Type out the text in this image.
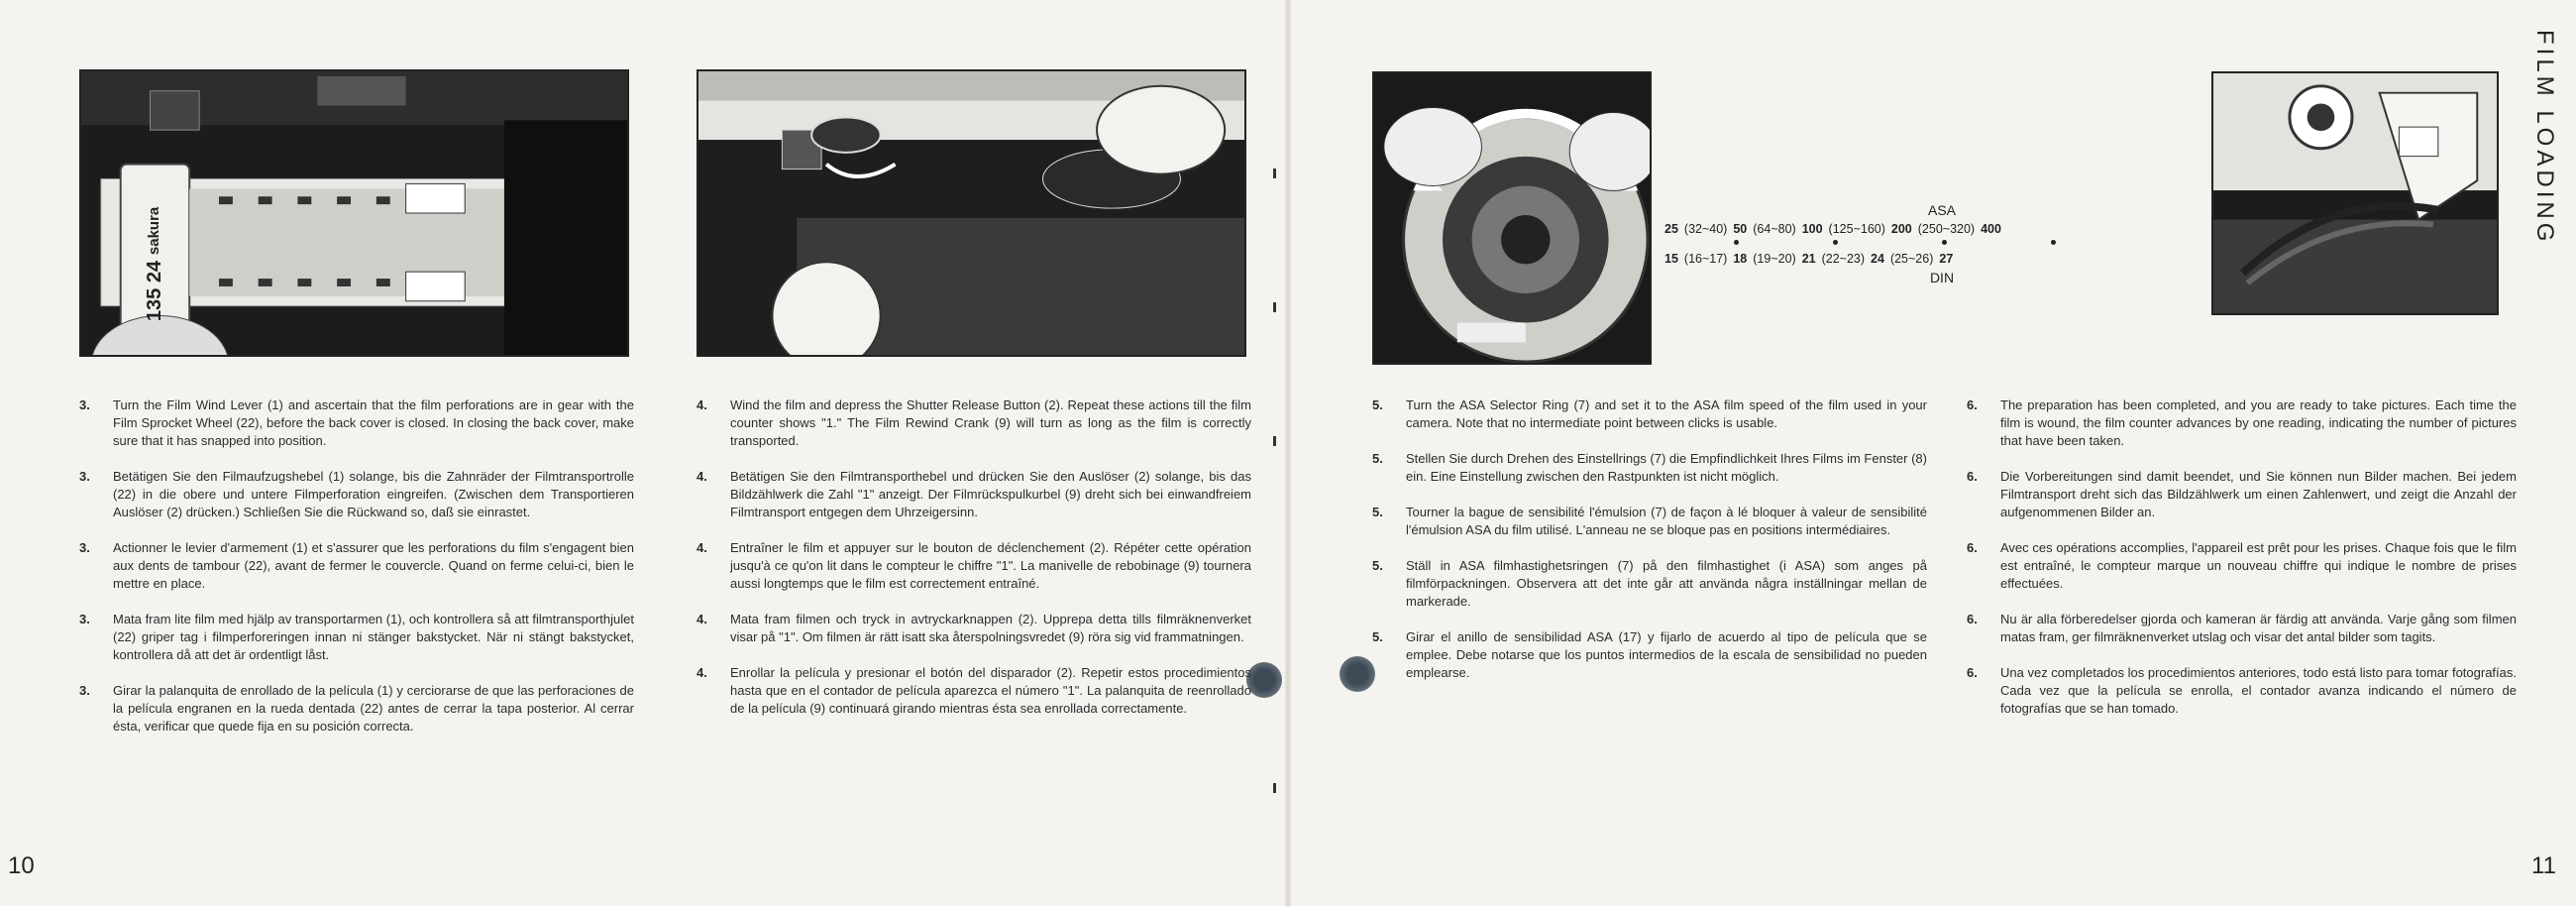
FILM LOADING
10	11
135 24 sakura	ASA
25 (32~40) 50 (64~80) 100 (125~160) 200 (250~320) 400
15 (16~17) 18 (19~20) 21 (22~23) 24 (25~26) 27
DIN
3.	Turn the Film Wind Lever (1) and ascertain that the film perforations are in gear with the Film Sprocket Wheel (22), before the back cover is closed. In closing the back cover, make sure that it has snapped into position.
3.	Betätigen Sie den Filmaufzugshebel (1) solange, bis die Zahnräder der Filmtransportrolle (22) in die obere und untere Filmperforation eingreifen. (Zwischen dem Transportieren Auslöser (2) drücken.) Schließen Sie die Rückwand so, daß sie einrastet.
3.	Actionner le levier d'armement (1) et s'assurer que les perforations du film s'engagent bien aux dents de tambour (22), avant de fermer le couvercle. Quand on ferme celui-ci, bien le mettre en place.
3.	Mata fram lite film med hjälp av transportarmen (1), och kontrollera så att filmtransporthjulet (22) griper tag i filmperforeringen innan ni stänger bakstycket. När ni stängt bakstycket, kontrollera då att det är ordentligt låst.
3.	Girar la palanquita de enrollado de la película (1) y cerciorarse de que las perforaciones de la película engranen en la rueda dentada (22) antes de cerrar la tapa posterior. Al cerrar ésta, verificar que quede fija en su posición correcta.
4.	Wind the film and depress the Shutter Release Button (2). Repeat these actions till the film counter shows "1." The Film Rewind Crank (9) will turn as long as the film is correctly transported.
4.	Betätigen Sie den Filmtransporthebel und drücken Sie den Auslöser (2) solange, bis das Bildzählwerk die Zahl "1" anzeigt. Der Filmrückspulkurbel (9) dreht sich bei einwandfreiem Filmtransport entgegen dem Uhrzeigersinn.
4.	Entraîner le film et appuyer sur le bouton de déclenchement (2). Répéter cette opération jusqu'à ce qu'on lit dans le compteur le chiffre "1". La manivelle de rebobinage (9) tournera aussi longtemps que le film est correctement entraîné.
4.	Mata fram filmen och tryck in avtryckarknappen (2). Upprepa detta tills filmräknenverket visar på "1". Om filmen är rätt isatt ska återspolningsvredet (9) röra sig vid frammatningen.
4.	Enrollar la película y presionar el botón del disparador (2). Repetir estos procedimientos hasta que en el contador de película aparezca el número "1". La palanquita de reenrollado de la película (9) continuará girando mientras ésta sea enrollada correctamente.
5.	Turn the ASA Selector Ring (7) and set it to the ASA film speed of the film used in your camera. Note that no intermediate point between clicks is usable.
5.	Stellen Sie durch Drehen des Einstellrings (7) die Empfindlichkeit Ihres Films im Fenster (8) ein. Eine Einstellung zwischen den Rastpunkten ist nicht möglich.
5.	Tourner la bague de sensibilité l'émulsion (7) de façon à lé bloquer à valeur de sensibilité l'émulsion ASA du film utilisé. L'anneau ne se bloque pas en positions intermédiaires.
5.	Ställ in ASA filmhastighetsringen (7) på den filmhastighet (i ASA) som anges på filmförpackningen. Observera att det inte går att använda några inställningar mellan de markerade.
5.	Girar el anillo de sensibilidad ASA (17) y fijarlo de acuerdo al tipo de película que se emplee. Debe notarse que los puntos intermedios de la escala de sensibilidad no pueden emplearse.
6.	The preparation has been completed, and you are ready to take pictures. Each time the film is wound, the film counter advances by one reading, indicating the number of pictures that have been taken.
6.	Die Vorbereitungen sind damit beendet, und Sie können nun Bilder machen. Bei jedem Filmtransport dreht sich das Bildzählwerk um einen Zahlenwert, und zeigt die Anzahl der aufgenommenen Bilder an.
6.	Avec ces opérations accomplies, l'appareil est prêt pour les prises. Chaque fois que le film est entraîné, le compteur marque un nouveau chiffre qui indique le nombre de prises effectuées.
6.	Nu är alla förberedelser gjorda och kameran är färdig att använda. Varje gång som filmen matas fram, ger filmräknenverket utslag och visar det antal bilder som tagits.
6.	Una vez completados los procedimientos anteriores, todo está listo para tomar fotografías. Cada vez que la película se enrolla, el contador avanza indicando el número de fotografías que se han tomado.
